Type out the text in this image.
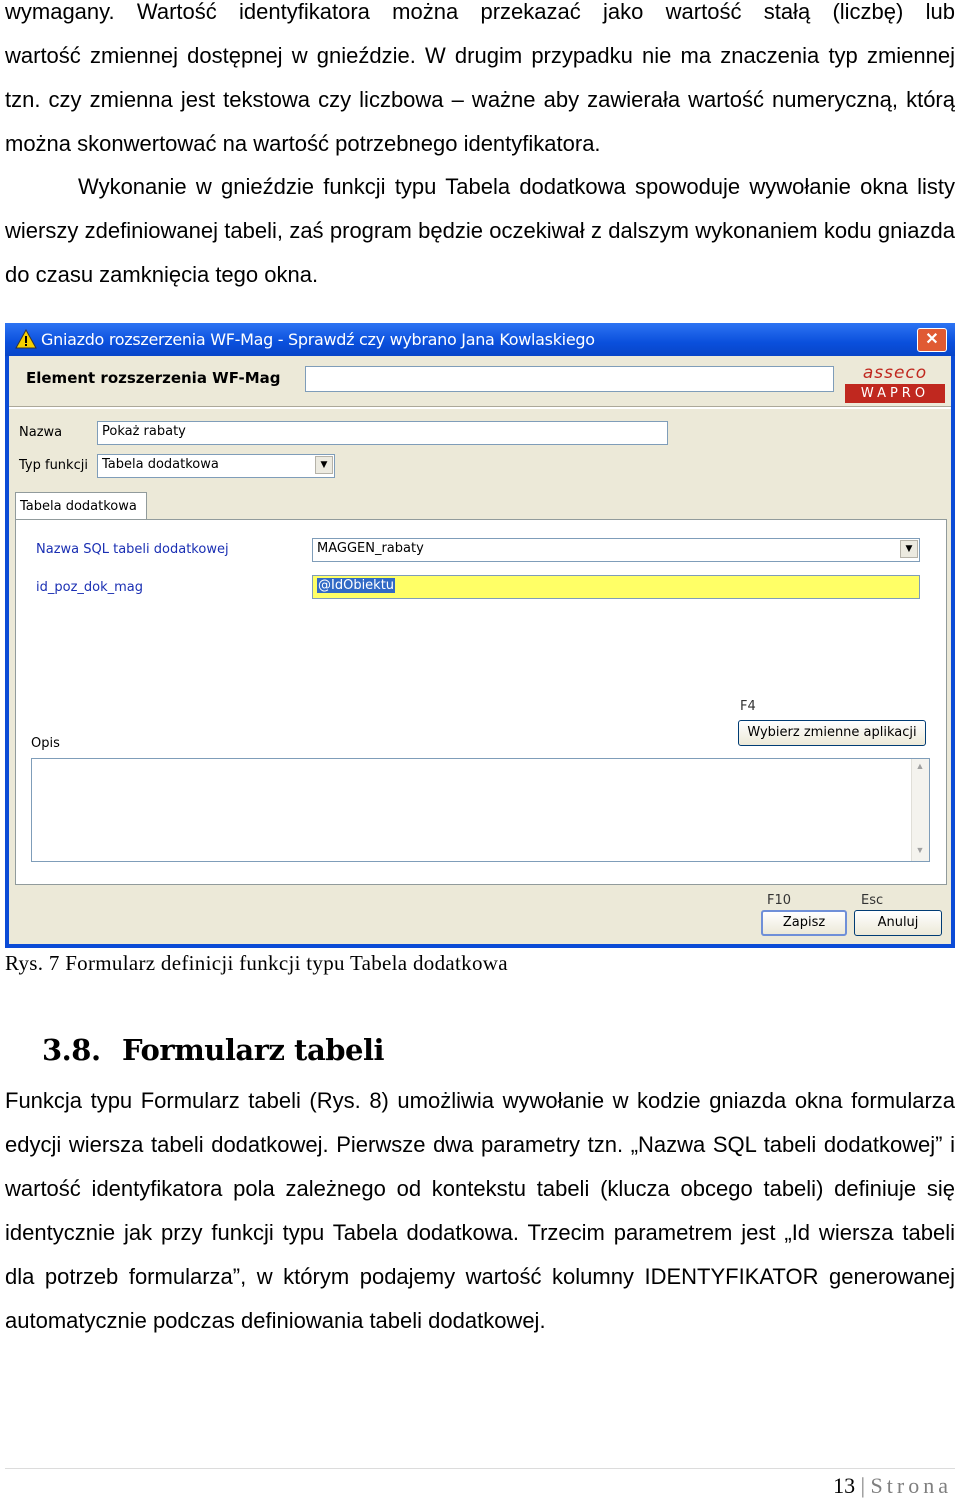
wymagany. Wartość identyfikatora można przekazać jako wartość stałą (liczbę) lub

wartość zmiennej dostępnej w gnieździe. W drugim przypadku nie ma znaczenia typ zmiennej tzn. czy zmienna jest tekstowa czy liczbowa – ważne aby zawierała wartość numeryczną, którą można skonwertować na wartość potrzebnego identyfikatora.

Wykonanie w gnieździe funkcji typu Tabela dodatkowa spowoduje wywołanie okna listy wierszy zdefiniowanej tabeli, zaś program będzie oczekiwał z dalszym wykonaniem kodu gniazda do czasu zamknięcia tego okna.

Gniazdo rozszerzenia WF-Mag - Sprawdź czy wybrano Jana Kowlaskiego	✕
Element rozszerzenia WF-Mag	asseco
WAPRO
Nazwa	Pokaż rabaty
Typ funkcji	Tabela dodatkowa	▼
Tabela dodatkowa
Nazwa SQL tabeli dodatkowej	MAGGEN_rabaty	▼
id_poz_dok_mag	@IdObiektu
F4
Wybierz zmienne aplikacji
Opis
▲
▼
F10	Esc
Zapisz	Anuluj
Rys. 7 Formularz definicji funkcji typu Tabela dodatkowa
3.8. Formularz tabeli

Funkcja typu Formularz tabeli (Rys. 8) umożliwia wywołanie w kodzie gniazda okna formularza edycji wiersza tabeli dodatkowej. Pierwsze dwa parametry tzn. „Nazwa SQL tabeli dodatkowej” i wartość identyfikatora pola zależnego od kontekstu tabeli (klucza obcego tabeli) definiuje się identycznie jak przy funkcji typu Tabela dodatkowa. Trzecim parametrem jest „Id wiersza tabeli dla potrzeb formularza”, w którym podajemy wartość kolumny IDENTYFIKATOR generowanej automatycznie podczas definiowania tabeli dodatkowej.

13 | Strona
